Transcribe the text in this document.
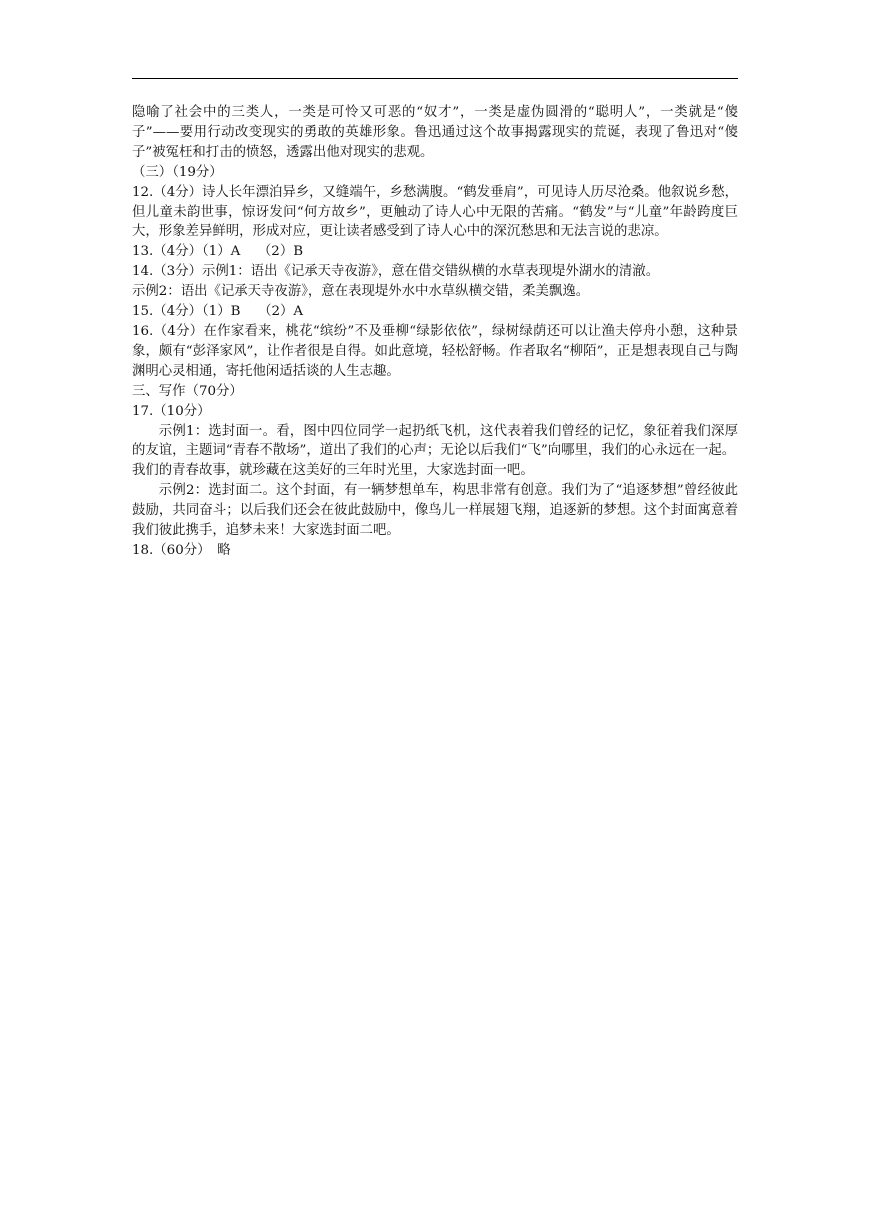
隐喻了社会中的三类人，一类是可怜又可恶的“奴才”，一类是虚伪圆滑的“聪明人”，一类就是“傻子”——要用行动改变现实的勇敢的英雄形象。鲁迅通过这个故事揭露现实的荒诞，表现了鲁迅对“傻子”被冤枉和打击的愤怒，透露出他对现实的悲观。

（三）（19分）

12.（4分）诗人长年漂泊异乡，又缝端午，乡愁满腹。“鹤发垂肩”，可见诗人历尽沧桑。他叙说乡愁，但儿童未韵世事，惊讶发问“何方故乡”，更触动了诗人心中无限的苦痛。“鹤发”与“儿童”年龄跨度巨大，形象差异鲜明，形成对应，更让读者感受到了诗人心中的深沉愁思和无法言说的悲凉。

13.（4分）（1）A　 （2）B

14.（3分）示例1：语出《记承天寺夜游》，意在借交错纵横的水草表现堤外湖水的清澈。

示例2：语出《记承天寺夜游》，意在表现堤外水中水草纵横交错，柔美飘逸。

15.（4分）（1）B　 （2）A

16.（4分）在作家看来，桃花“缤纷”不及垂柳“绿影依依”，绿树绿荫还可以让渔夫停舟小憩，这种景象，颇有“彭泽家风”，让作者很是自得。如此意境，轻松舒畅。作者取名“柳陌”，正是想表现自己与陶渊明心灵相通，寄托他闲适括谈的人生志趣。

三、写作（70分）

17.（10分）

示例1：选封面一。看，图中四位同学一起扔纸飞机，这代表着我们曾经的记忆，象征着我们深厚的友谊，主题词“青春不散场”，道出了我们的心声；无论以后我们“飞”向哪里，我们的心永远在一起。

我们的青春故事，就珍藏在这美好的三年时光里，大家选封面一吧。

示例2：选封面二。这个封面，有一辆梦想单车，构思非常有创意。我们为了“追逐梦想”曾经彼此鼓励，共同奋斗；以后我们还会在彼此鼓励中，像鸟儿一样展翅飞翔，追逐新的梦想。这个封面寓意着我们彼此携手，追梦未来！大家选封面二吧。

18.（60分）　略
